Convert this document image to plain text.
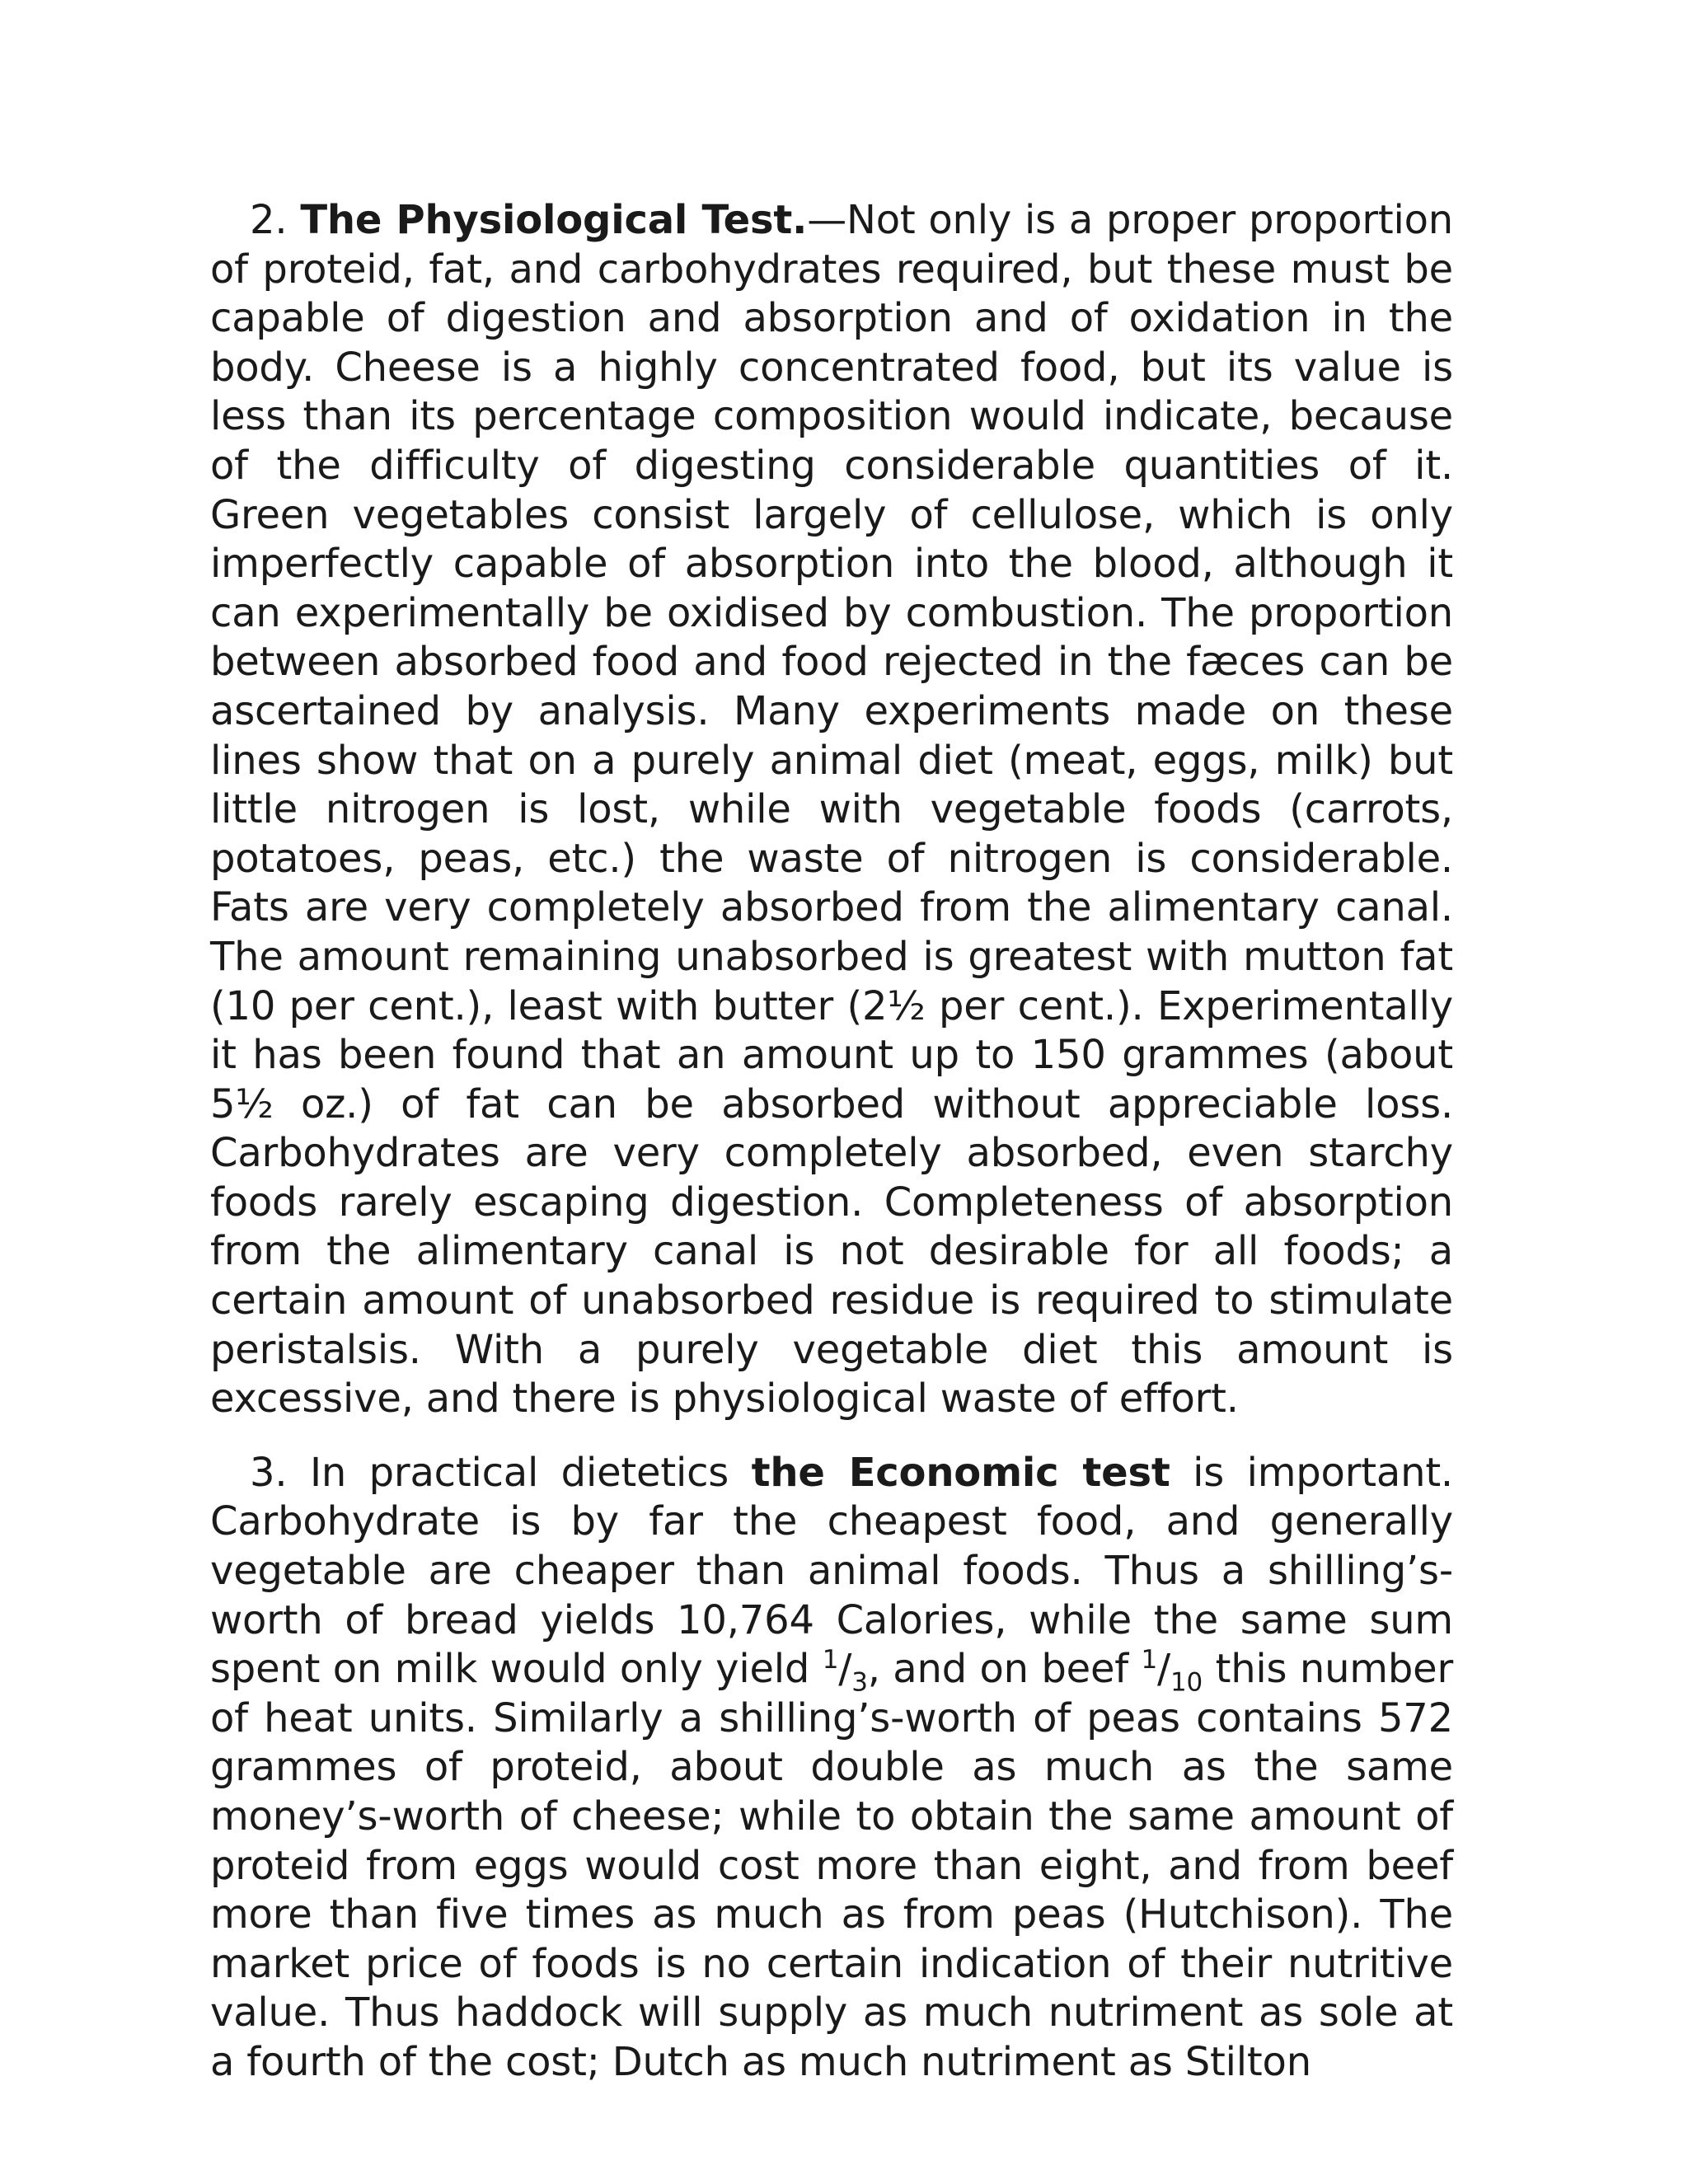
2. The Physiological Test.—Not only is a proper proportion of proteid, fat, and carbohydrates required, but these must be capable of digestion and absorption and of oxidation in the body. Cheese is a highly concentrated food, but its value is less than its percentage composition would indicate, because of the difficulty of digesting considerable quantities of it. Green vegetables consist largely of cellulose, which is only imperfectly capable of absorption into the blood, although it can experimentally be oxidised by combustion. The proportion between absorbed food and food rejected in the fæces can be ascertained by analysis. Many experiments made on these lines show that on a purely animal diet (meat, eggs, milk) but little nitrogen is lost, while with vegetable foods (carrots, potatoes, peas, etc.) the waste of nitrogen is considerable. Fats are very completely absorbed from the alimentary canal. The amount remaining unabsorbed is greatest with mutton fat (10 per cent.), least with butter (2½ per cent.). Experimentally it has been found that an amount up to 150 grammes (about 5½ oz.) of fat can be absorbed without appreciable loss. Carbohydrates are very completely absorbed, even starchy foods rarely escaping digestion. Completeness of absorption from the alimentary canal is not desirable for all foods; a certain amount of unabsorbed residue is required to stimulate peristalsis. With a purely vegetable diet this amount is excessive, and there is physiological waste of effort.

3. In practical dietetics the Economic test is important. Carbohydrate is by far the cheapest food, and generally vegetable are cheaper than animal foods. Thus a shilling’s-worth of bread yields 10,764 Calories, while the same sum spent on milk would only yield $^1/_3$, and on beef $^1/_{10}$ this number of heat units. Similarly a shilling’s-worth of peas contains 572 grammes of proteid, about double as much as the same money’s-worth of cheese; while to obtain the same amount of proteid from eggs would cost more than eight, and from beef more than five times as much as from peas (Hutchison). The market price of foods is no certain indication of their nutritive value. Thus haddock will supply as much nutriment as sole at a fourth of the cost; Dutch as much nutriment as Stilton
